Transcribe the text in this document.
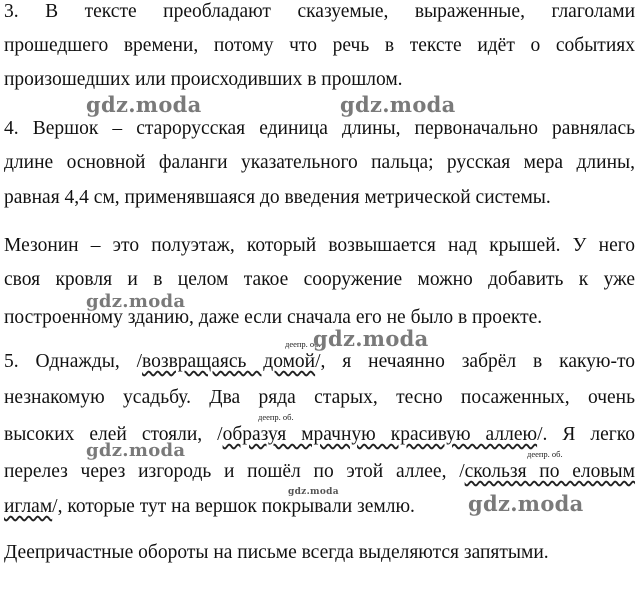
3. В тексте преобладают сказуемые, выраженные, глаголами
прошедшего времени, потому что речь в тексте идёт о событиях
произошедших или происходивших в прошлом.
4. Вершок – старорусская единица длины, первоначально равнялась
длине основной фаланги указательного пальца; русская мера длины,
равная 4,4 см, применявшаяся до введения метрической системы.
Мезонин – это полуэтаж, который возвышается над крышей. У него
своя кровля и в целом такое сооружение можно добавить к уже
построенному зданию, даже если сначала его не было в проекте.
5. Однажды, /возвращаясь домой/, я нечаянно забрёл в какую-то
незнакомую усадьбу. Два ряда старых, тесно посаженных, очень
высоких елей стояли, /образуя мрачную красивую аллею/. Я легко
перелез через изгородь и пошёл по этой аллее, /скользя по еловым
иглам/, которые тут на вершок покрывали землю.
Деепричастные обороты на письме всегда выделяются запятыми.
деепр. об.
деепр. об.
деепр. об.
gdz.moda	gdz.moda
gdz.moda
gdz.moda
gdz.moda
gdz.moda	gdz.moda
